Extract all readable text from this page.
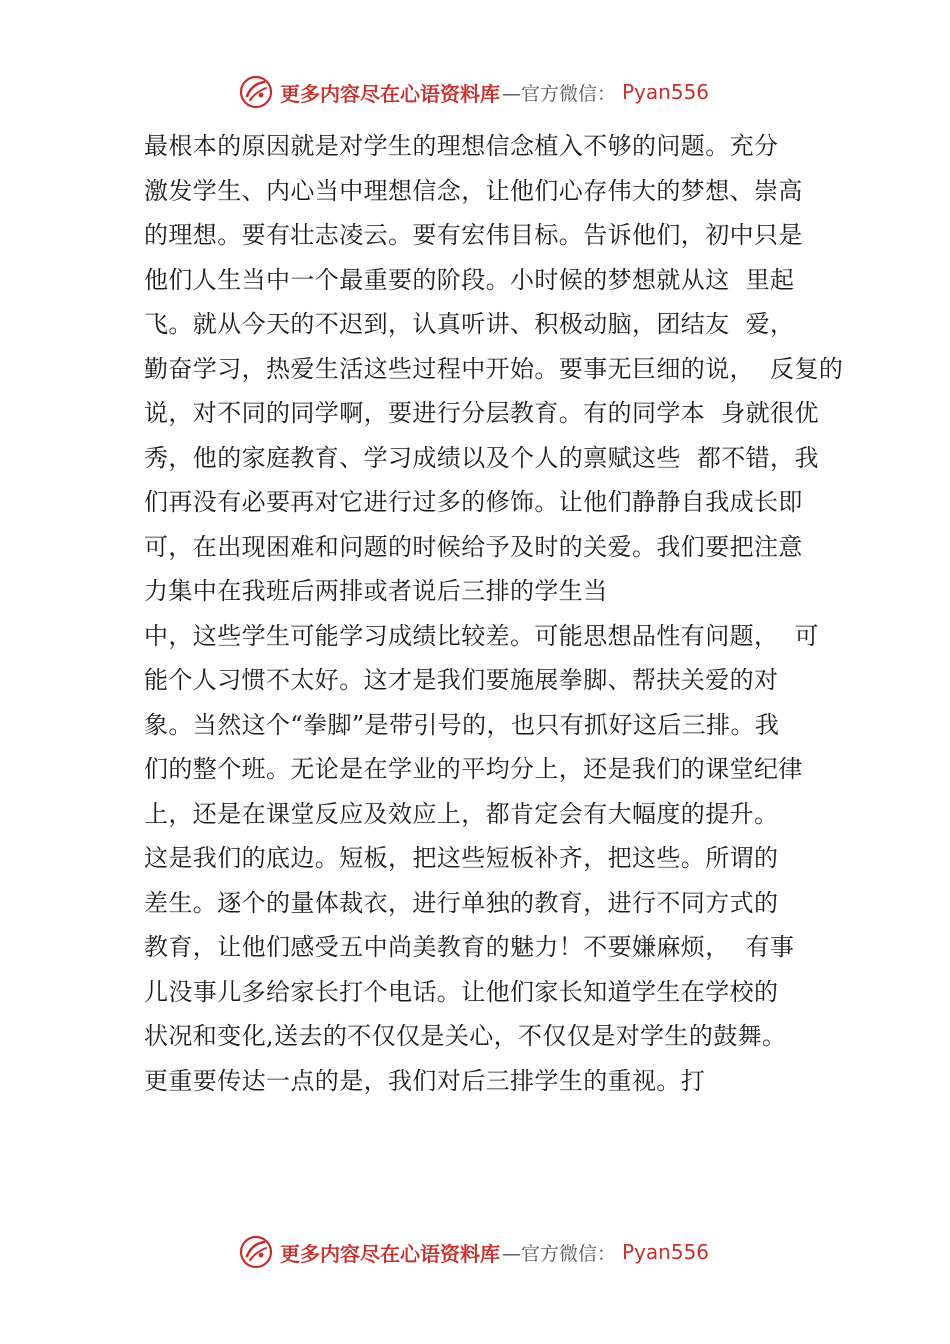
更多内容尽在心语资料库 —官方微信： Pyan556
最根本的原因就是对学生的理想信念植入不够的问题。充分
激发学生、内心当中理想信念，让他们心存伟大的梦想、崇高
的理想。要有壮志凌云。要有宏伟目标。告诉他们，初中只是
他们人生当中一个最重要的阶段。小时候的梦想就从这  里起
飞。就从今天的不迟到，认真听讲、积极动脑，团结友  爱，
勤奋学习，热爱生活这些过程中开始。要事无巨细的说，  反复的
说，对不同的同学啊，要进行分层教育。有的同学本  身就很优
秀，他的家庭教育、学习成绩以及个人的禀赋这些  都不错，我
们再没有必要再对它进行过多的修饰。让他们静静自我成长即
可，在出现困难和问题的时候给予及时的关爱。我们要把注意
力集中在我班后两排或者说后三排的学生当
中，这些学生可能学习成绩比较差。可能思想品性有问题，  可
能个人习惯不太好。这才是我们要施展拳脚、帮扶关爱的对
象。当然这个“拳脚”是带引号的，也只有抓好这后三排。我
们的整个班。无论是在学业的平均分上，还是我们的课堂纪律
上，还是在课堂反应及效应上，都肯定会有大幅度的提升。
这是我们的底边。短板，把这些短板补齐，把这些。所谓的
差生。逐个的量体裁衣，进行单独的教育，进行不同方式的
教育，让他们感受五中尚美教育的魅力！不要嫌麻烦，  有事
儿没事儿多给家长打个电话。让他们家长知道学生在学校的
状况和变化,送去的不仅仅是关心，不仅仅是对学生的鼓舞。
更重要传达一点的是，我们对后三排学生的重视。打
更多内容尽在心语资料库 —官方微信： Pyan556
